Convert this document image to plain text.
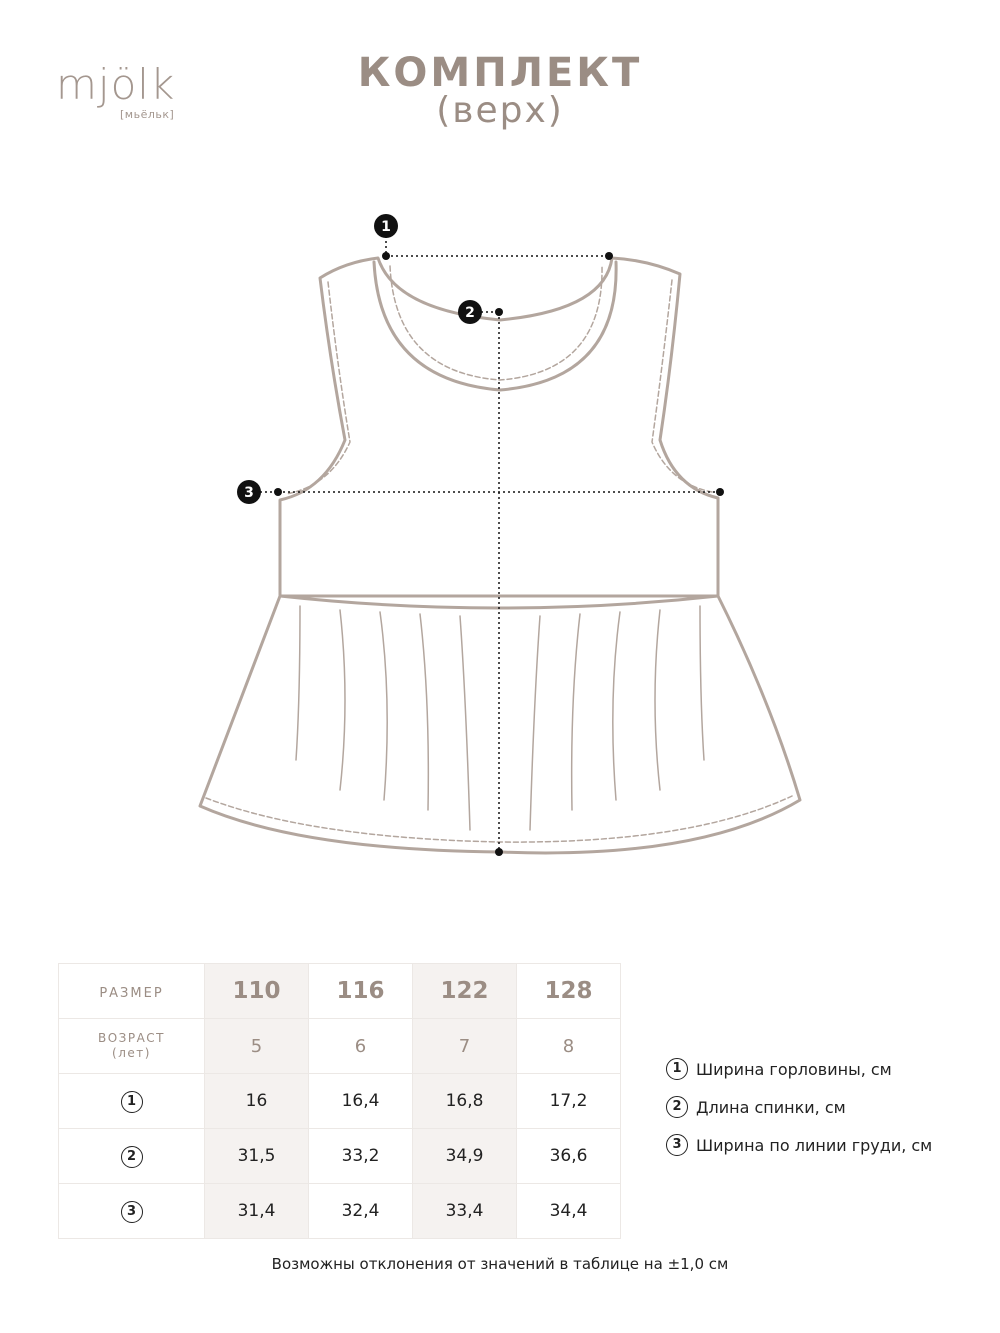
mjölk
[мьёльк]
КОМПЛЕКТ
(верх)
1
2
3
РАЗМЕР	110	116	122	128

ВОЗРАСТ
(лет)	5	6	7	8
1	16	16,4	16,8	17,2
2	31,5	33,2	34,9	36,6
3	31,4	32,4	33,4	34,4
1 Ширина горловины, см
2 Длина спинки, см
3 Ширина по линии груди, см
Возможны отклонения от значений в таблице на ±1,0 см
